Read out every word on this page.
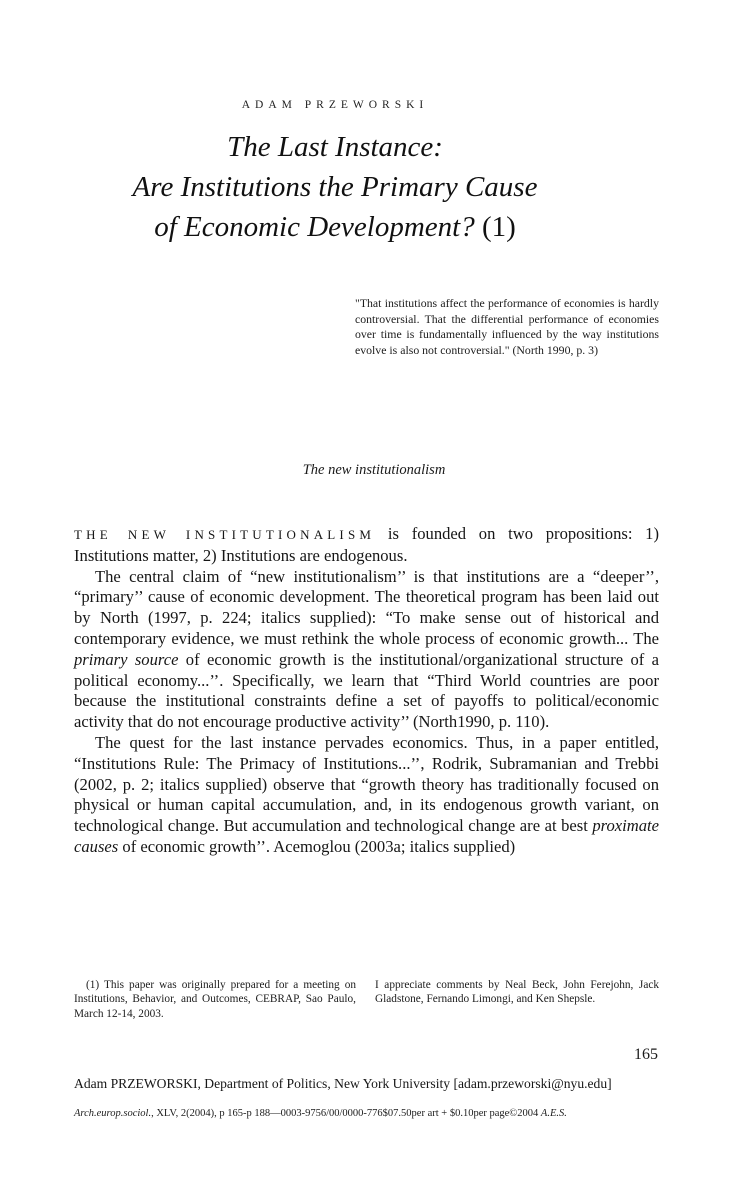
ADAM PRZEWORSKI
The Last Instance:
Are Institutions the Primary Cause
of Economic Development? (1)
"That institutions affect the performance of economies is hardly controversial. That the differential performance of economies over time is fundamentally influenced by the way institutions evolve is also not controversial." (North 1990, p. 3)
The new institutionalism

THE NEW INSTITUTIONALISM is founded on two propositions: 1) Institutions matter, 2) Institutions are endogenous.

The central claim of “new institutionalism’’ is that institutions are a “deeper’’, “primary’’ cause of economic development. The theoretical program has been laid out by North (1997, p. 224; italics supplied): “To make sense out of historical and contemporary evidence, we must rethink the whole process of economic growth... The primary source of economic growth is the institutional/organizational structure of a political economy...’’. Specifically, we learn that “Third World countries are poor because the institutional constraints define a set of payoffs to political/economic activity that do not encourage productive activity’’ (North1990, p. 110).

The quest for the last instance pervades economics. Thus, in a paper entitled, “Institutions Rule: The Primacy of Institutions...’’, Rodrik, Subramanian and Trebbi (2002, p. 2; italics supplied) observe that “growth theory has traditionally focused on physical or human capital accumulation, and, in its endogenous growth variant, on technological change. But accumulation and technological change are at best proximate causes of economic growth’’. Acemoglou (2003a; italics supplied)

(1) This paper was originally prepared for a meeting on Institutions, Behavior, and Outcomes, CEBRAP, Sao Paulo, March 12-14, 2003.
I appreciate comments by Neal Beck, John Ferejohn, Jack Gladstone, Fernando Limongi, and Ken Shepsle.
165
Adam PRZEWORSKI, Department of Politics, New York University [adam.przeworski@nyu.edu]
Arch.europ.sociol., XLV, 2(2004), p 165-p 188—0003-9756/00/0000-776$07.50per art + $0.10per page©2004 A.E.S.
